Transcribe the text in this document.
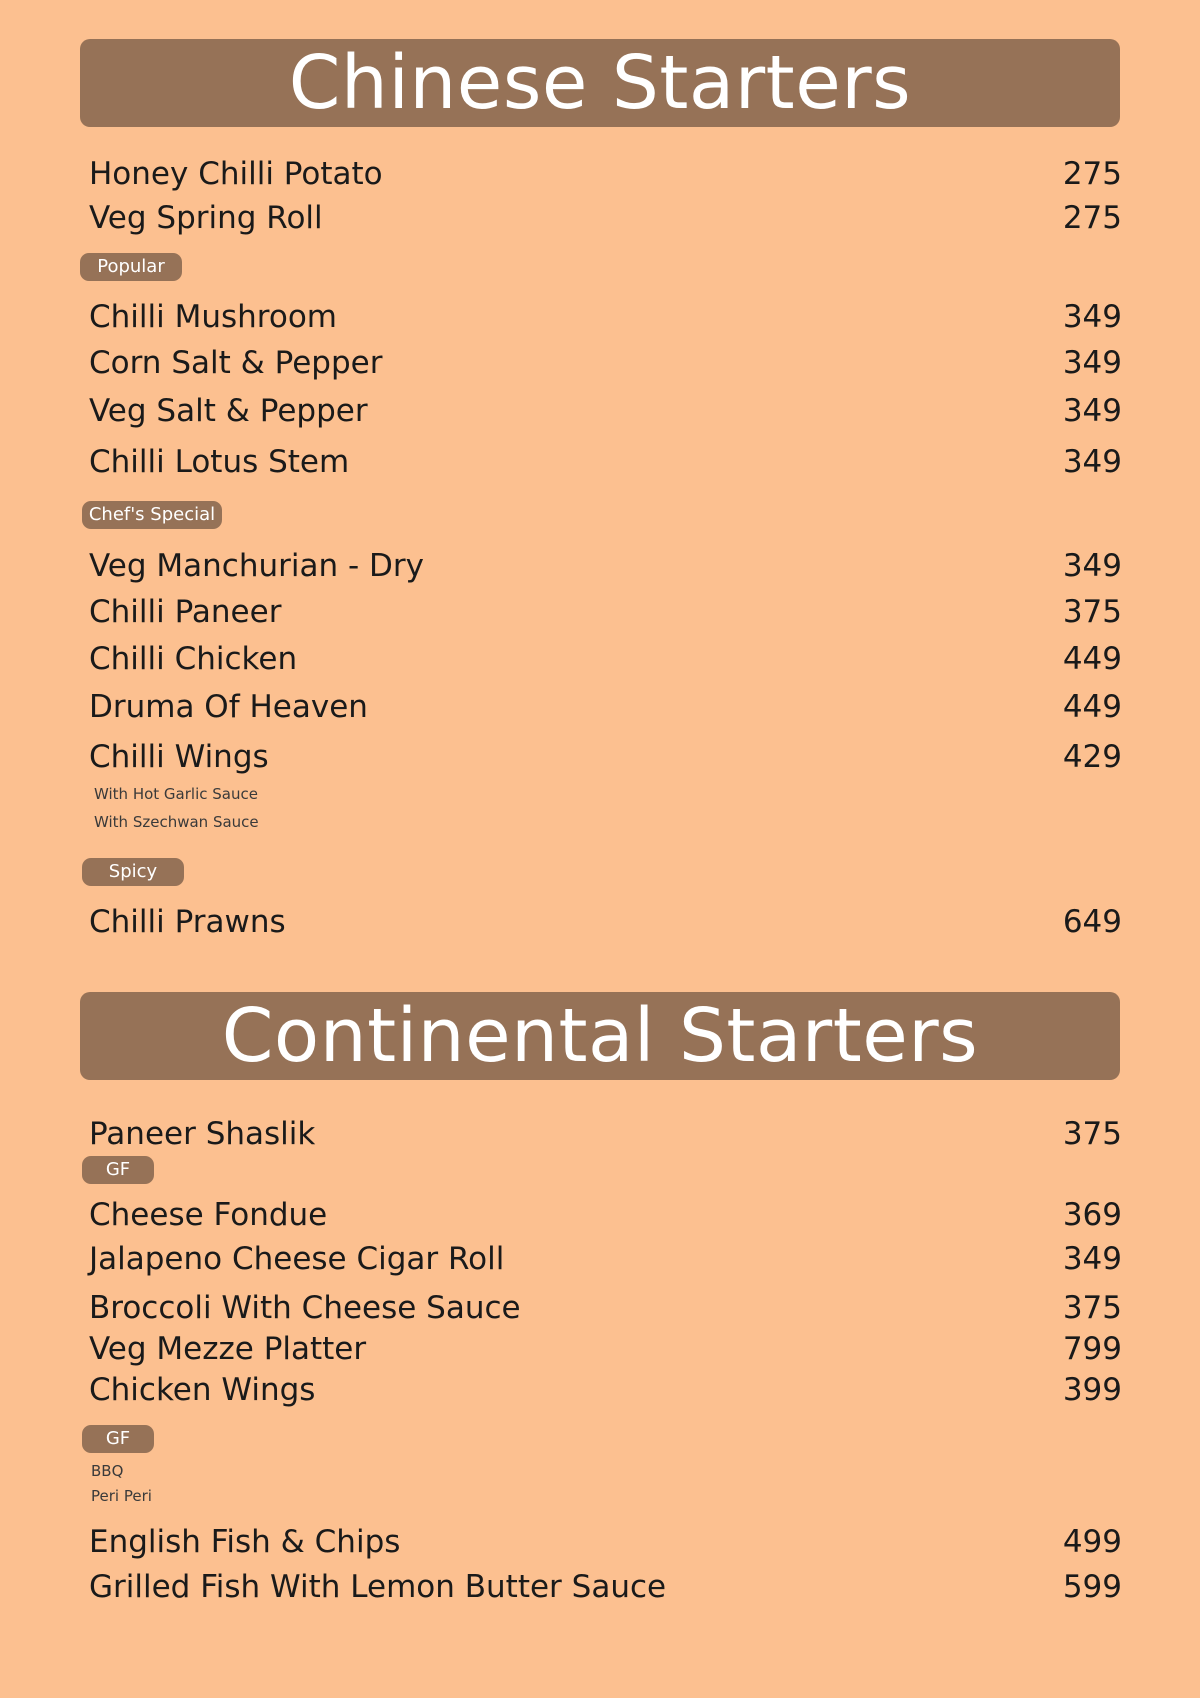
Chinese Starters
Honey Chilli Potato	275
Veg Spring Roll	275
Popular
Chilli Mushroom	349
Corn Salt & Pepper	349
Veg Salt & Pepper	349
Chilli Lotus Stem	349
Chef's Special
Veg Manchurian - Dry	349
Chilli Paneer	375
Chilli Chicken	449
Druma Of Heaven	449
Chilli Wings	429
With Hot Garlic Sauce
With Szechwan Sauce
Spicy
Chilli Prawns	649
Continental Starters
Paneer Shaslik	375
GF
Cheese Fondue	369
Jalapeno Cheese Cigar Roll	349
Broccoli With Cheese Sauce	375
Veg Mezze Platter	799
Chicken Wings	399
GF
BBQ
Peri Peri
English Fish & Chips	499
Grilled Fish With Lemon Butter Sauce	599
